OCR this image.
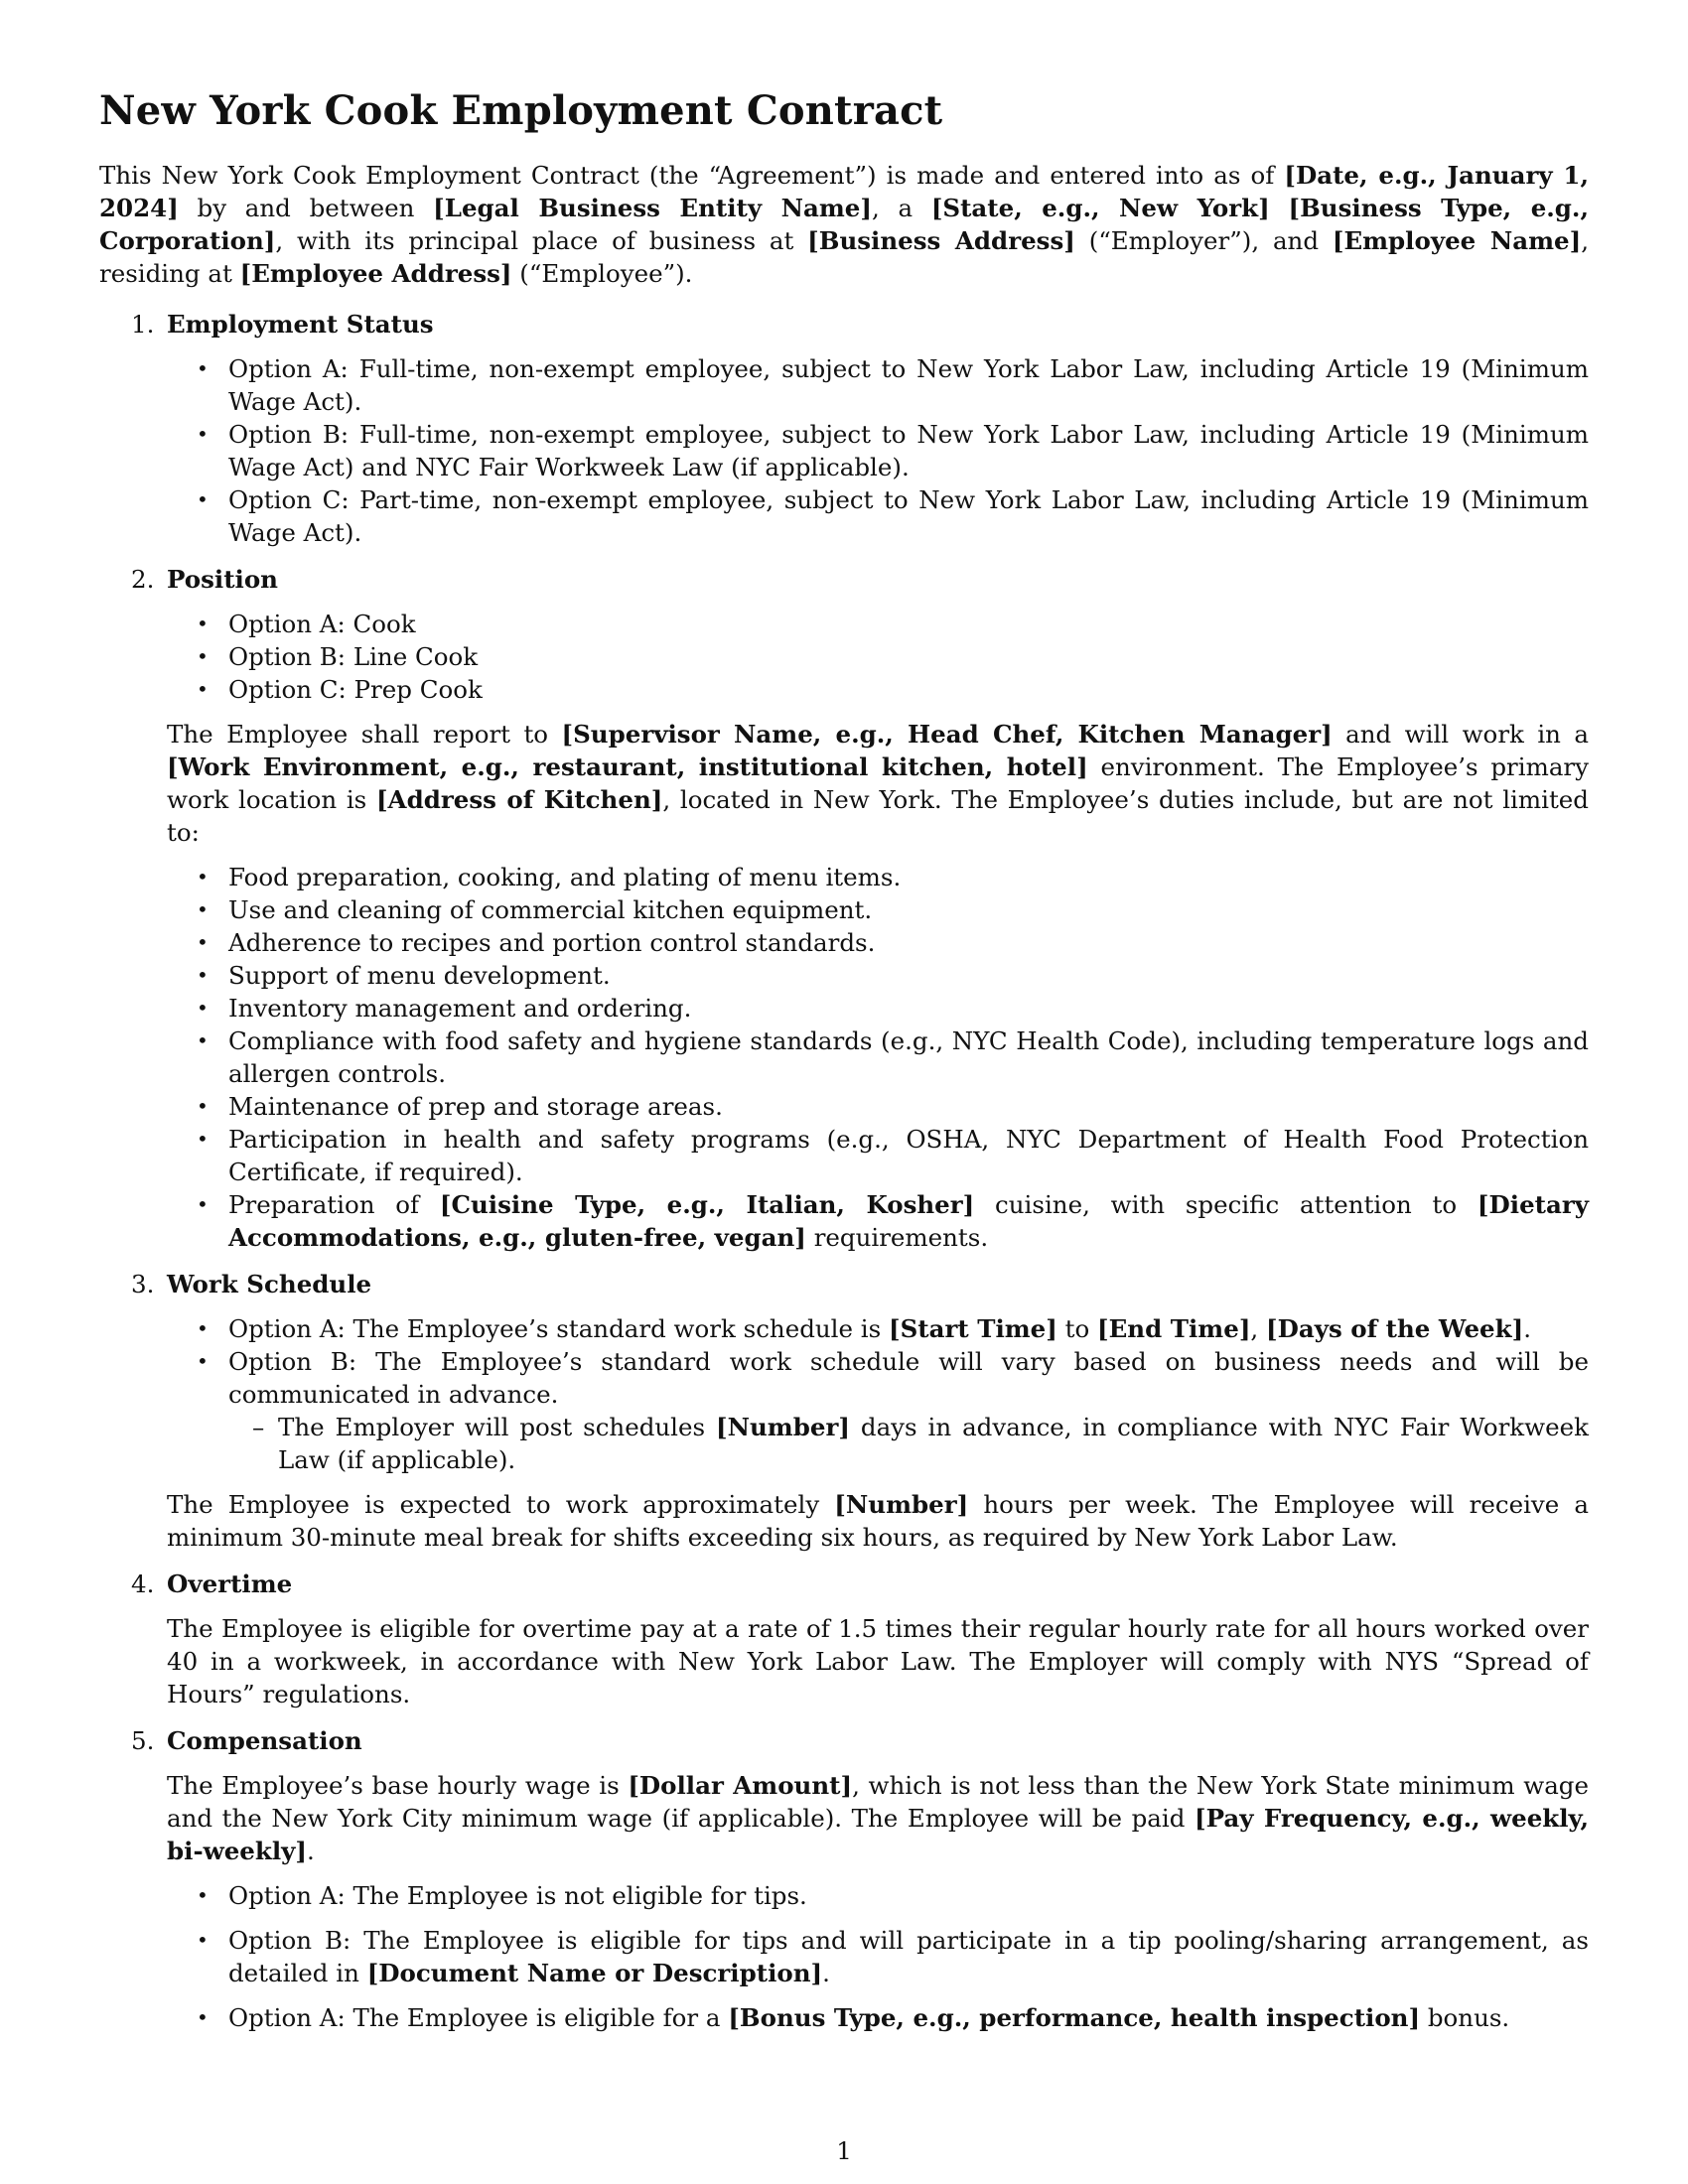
New York Cook Employment Contract

This New York Cook Employment Contract (the “Agreement”) is made and entered into as of [Date, e.g., January 1, 2024] by and between [Legal Business Entity Name], a [State, e.g., New York] [Business Type, e.g., Corporation], with its principal place of business at [Business Address] (“Employer”), and [Employee Name], residing at [Employee Address] (“Employee”).

1. Employment Status
• Option A: Full-time, non-exempt employee, subject to New York Labor Law, including Article 19 (Minimum Wage Act).
• Option B: Full-time, non-exempt employee, subject to New York Labor Law, including Article 19 (Minimum Wage Act) and NYC Fair Workweek Law (if applicable).
• Option C: Part-time, non-exempt employee, subject to New York Labor Law, including Article 19 (Minimum Wage Act).
2. Position
• Option A: Cook
• Option B: Line Cook
• Option C: Prep Cook

The Employee shall report to [Supervisor Name, e.g., Head Chef, Kitchen Manager] and will work in a [Work Environment, e.g., restaurant, institutional kitchen, hotel] environment. The Employee’s primary work location is [Address of Kitchen], located in New York. The Employee’s duties include, but are not limited to:

• Food preparation, cooking, and plating of menu items.
• Use and cleaning of commercial kitchen equipment.
• Adherence to recipes and portion control standards.
• Support of menu development.
• Inventory management and ordering.
• Compliance with food safety and hygiene standards (e.g., NYC Health Code), including temperature logs and allergen controls.
• Maintenance of prep and storage areas.
• Participation in health and safety programs (e.g., OSHA, NYC Department of Health Food Protection Certificate, if required).
• Preparation of [Cuisine Type, e.g., Italian, Kosher] cuisine, with specific attention to [Dietary Accommodations, e.g., gluten-free, vegan] requirements.
3. Work Schedule
• Option A: The Employee’s standard work schedule is [Start Time] to [End Time], [Days of the Week].
• Option B: The Employee’s standard work schedule will vary based on business needs and will be communicated in advance.
– The Employer will post schedules [Number] days in advance, in compliance with NYC Fair Workweek Law (if applicable).

The Employee is expected to work approximately [Number] hours per week. The Employee will receive a minimum 30-minute meal break for shifts exceeding six hours, as required by New York Labor Law.

4. Overtime

The Employee is eligible for overtime pay at a rate of 1.5 times their regular hourly rate for all hours worked over 40 in a workweek, in accordance with New York Labor Law. The Employer will comply with NYS “Spread of Hours” regulations.

5. Compensation

The Employee’s base hourly wage is [Dollar Amount], which is not less than the New York State minimum wage and the New York City minimum wage (if applicable). The Employee will be paid [Pay Frequency, e.g., weekly, bi-weekly].

• Option A: The Employee is not eligible for tips.
• Option B: The Employee is eligible for tips and will participate in a tip pooling/sharing arrangement, as detailed in [Document Name or Description].
• Option A: The Employee is eligible for a [Bonus Type, e.g., performance, health inspection] bonus.
1
